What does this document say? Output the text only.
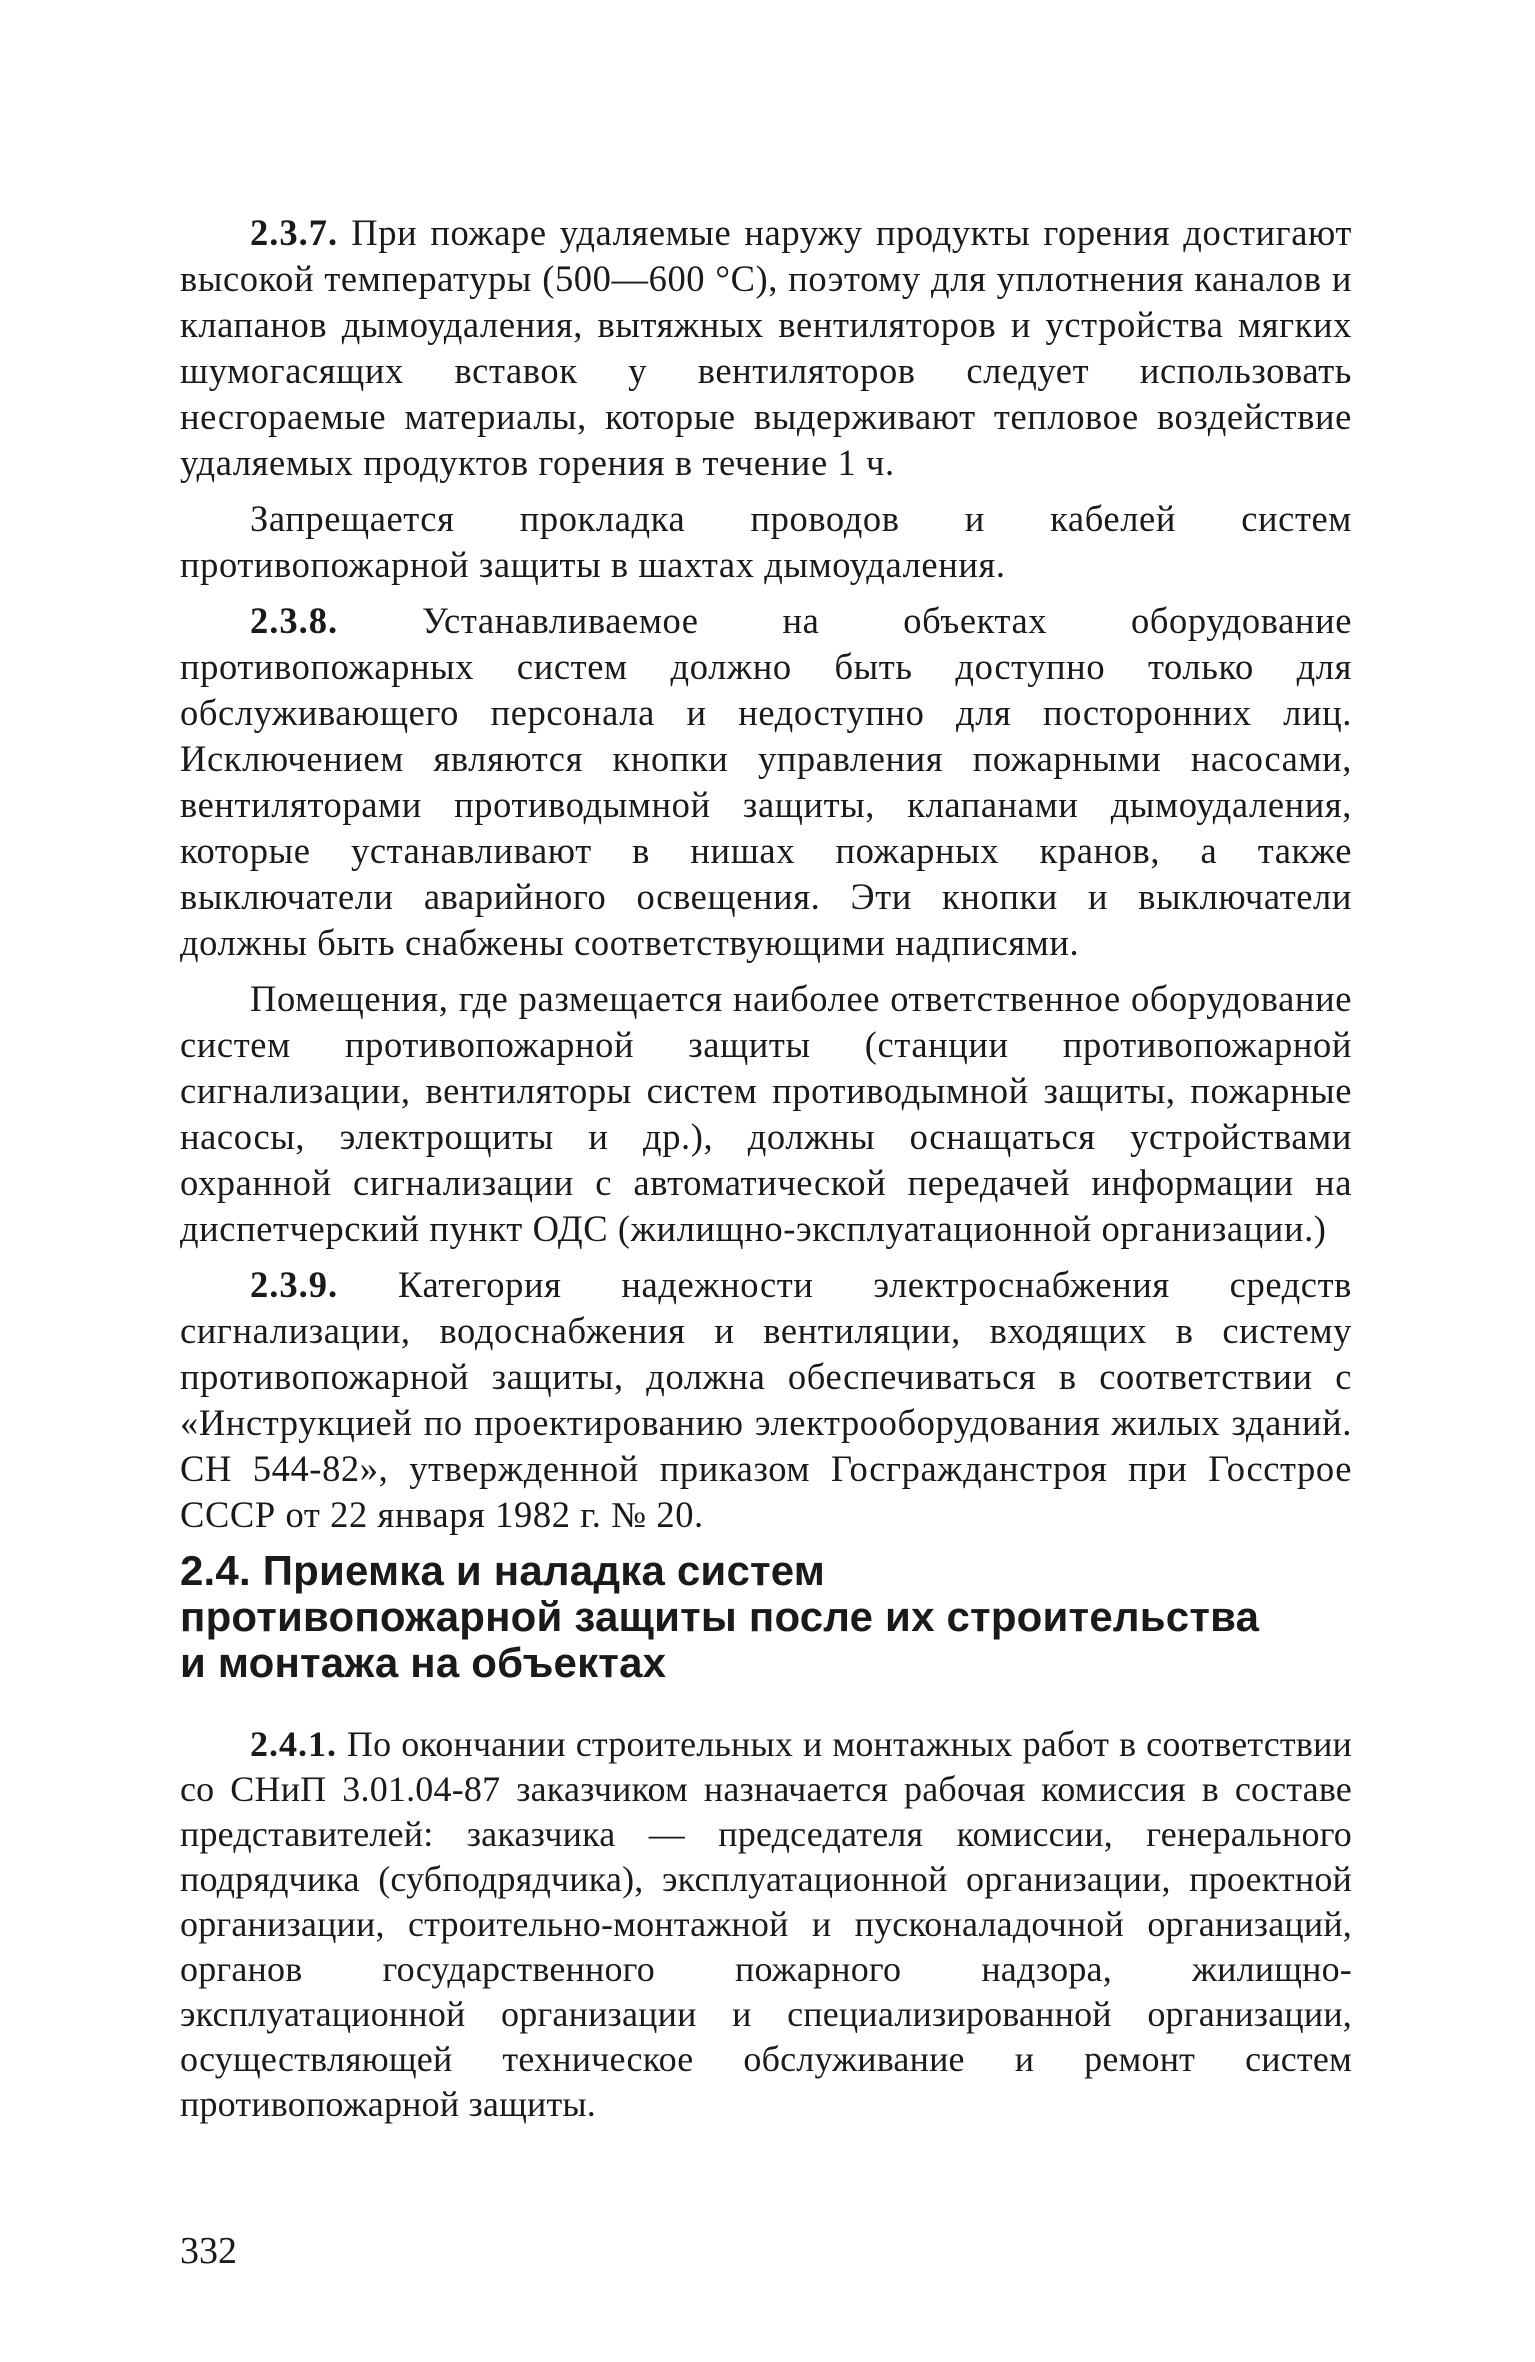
2.3.7. При пожаре удаляемые наружу продукты горения достигают высокой температуры (500—600 °С), поэтому для уплотнения каналов и клапанов дымоудаления, вытяжных вентиляторов и устройства мягких шумогасящих вставок у вентиляторов следует использовать несгораемые материалы, которые выдерживают тепловое воздействие удаляемых продуктов горения в течение 1 ч.

Запрещается прокладка проводов и кабелей систем противопожарной защиты в шахтах дымоудаления.

2.3.8. Устанавливаемое на объектах оборудование противопожарных систем должно быть доступно только для обслуживающего персонала и недоступно для посторонних лиц. Исключением являются кнопки управления пожарными насосами, вентиляторами противодымной защиты, клапанами дымоудаления, которые устанавливают в нишах пожарных кранов, а также выключатели аварийного освещения. Эти кнопки и выключатели должны быть снабжены соответствующими надписями.

Помещения, где размещается наиболее ответственное оборудование систем противопожарной защиты (станции противопожарной сигнализации, вентиляторы систем противодымной защиты, пожарные насосы, электрощиты и др.), должны оснащаться устройствами охранной сигнализации с автоматической передачей информации на диспетчерский пункт ОДС (жилищно-эксплуатационной организации.)

2.3.9. Категория надежности электроснабжения средств сигнализации, водоснабжения и вентиляции, входящих в систему противопожарной защиты, должна обеспечиваться в соответствии с «Инструкцией по проектированию электрооборудования жилых зданий. СН 544-82», утвержденной приказом Госгражданстроя при Госстрое СССР от 22 января 1982 г. № 20.

2.4. Приемка и наладка систем
противопожарной защиты после их строительства
и монтажа на объектах

2.4.1. По окончании строительных и монтажных работ в соответствии со СНиП 3.01.04-87 заказчиком назначается рабочая комиссия в составе представителей: заказчика — председателя комиссии, генерального подрядчика (субподрядчика), эксплуатационной организации, проектной организации, строительно-монтажной и пусконаладочной организаций, органов государственного пожарного надзора, жилищно-эксплуатационной организации и специализированной организации, осуществляющей техническое обслуживание и ремонт систем противопожарной защиты.

332
